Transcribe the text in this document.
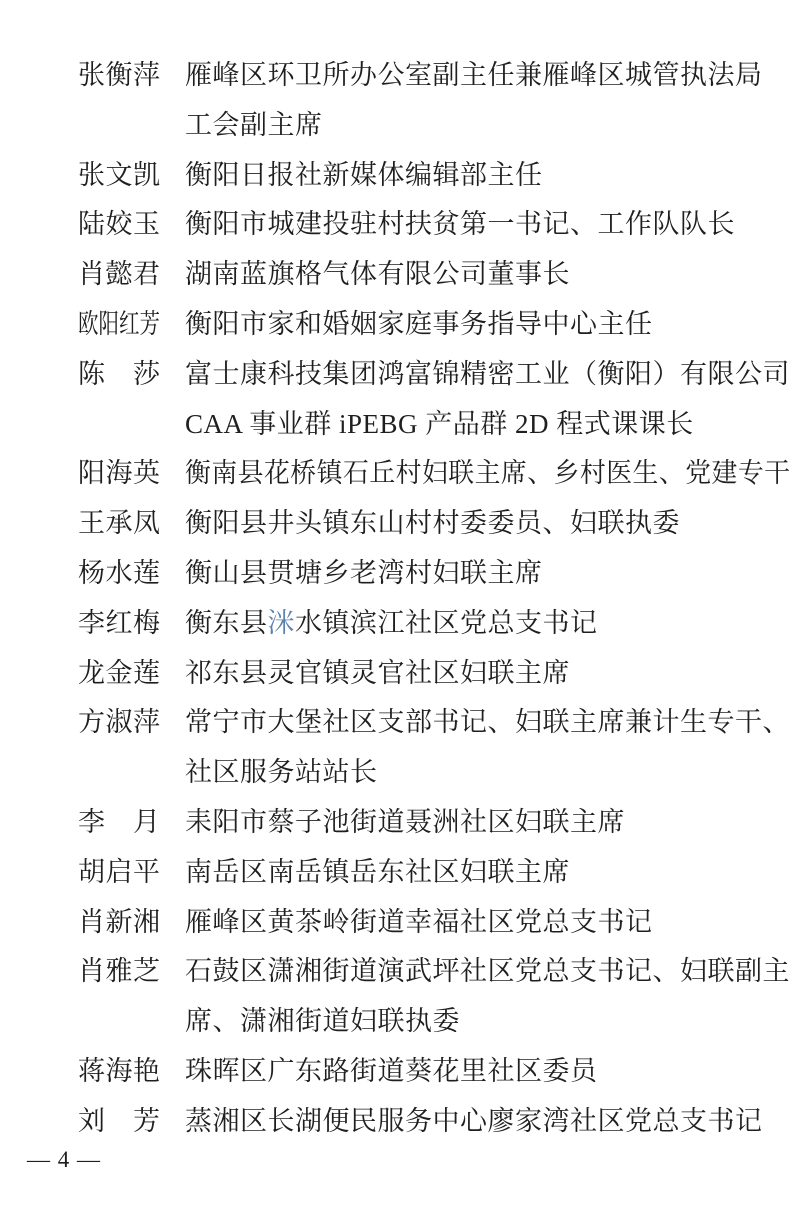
张 衡 萍 雁峰区环卫所办公室副主任兼雁峰区城管执法局
工会副主席
张 文 凯 衡阳日报社新媒体编辑部主任
陆 姣 玉 衡阳市城建投驻村扶贫第一书记、工作队队长
肖 懿 君 湖南蓝旗格气体有限公司董事长
欧 阳 红 芳 衡阳市家和婚姻家庭事务指导中心主任
陈
　 莎 富士康科技集团鸿富锦精密工业（衡阳）有限公司
CAA 事业群 iPEBG 产品群 2D 程式课课长
阳 海 英 衡南县花桥镇石丘村妇联主席、乡村医生、党建专干
王 承 凤 衡阳县井头镇东山村村委委员、妇联执委
杨 水 莲 衡山县贯塘乡老湾村妇联主席
李 红 梅 衡东县洣水镇滨江社区党总支书记
龙 金 莲 祁东县灵官镇灵官社区妇联主席
方 淑 萍 常宁市大堡社区支部书记、妇联主席兼计生专干、
社区服务站站长
李
　 月 耒阳市蔡子池街道聂洲社区妇联主席
胡 启 平 南岳区南岳镇岳东社区妇联主席
肖 新 湘 雁峰区黄茶岭街道幸福社区党总支书记
肖 雅 芝 石鼓区潇湘街道演武坪社区党总支书记、妇联副主
席、潇湘街道妇联执委
蒋 海 艳 珠晖区广东路街道葵花里社区委员
刘
　 芳 蒸湘区长湖便民服务中心廖家湾社区党总支书记
— 4 —
